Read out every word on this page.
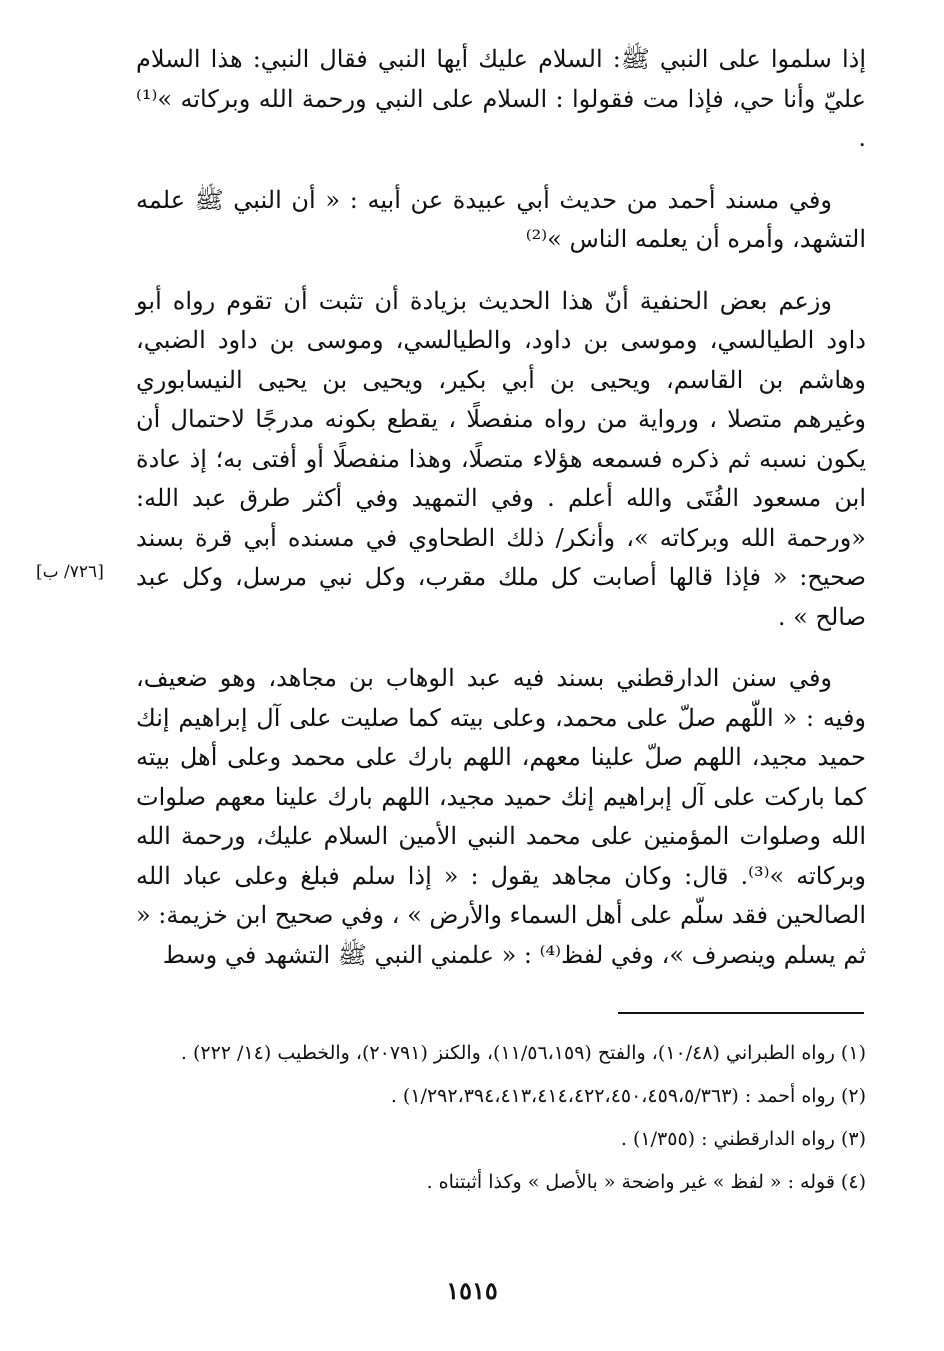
إذا سلموا على النبي ﷺ: السلام عليك أيها النبي فقال النبي: هذا السلام عليّ وأنا حي، فإذا مت فقولوا : السلام على النبي ورحمة الله وبركاته »⁽¹⁾ .

وفي مسند أحمد من حديث أبي عبيدة عن أبيه : « أن النبي ﷺ علمه التشهد، وأمره أن يعلمه الناس »⁽²⁾

وزعم بعض الحنفية أنّ هذا الحديث بزيادة أن تثبت أن تقوم رواه أبو داود الطيالسي، وموسى بن داود، والطيالسي، وموسى بن داود الضبي، وهاشم بن القاسم، ويحيى بن أبي بكير، ويحيى بن يحيى النيسابوري وغيرهم متصلا ، ورواية من رواه منفصلًا ، يقطع بكونه مدرجًا لاحتمال أن يكون نسبه ثم ذكره فسمعه هؤلاء متصلًا، وهذا منفصلًا أو أفتى به؛ إذ عادة ابن مسعود الفُتَى والله أعلم . وفي التمهيد وفي أكثر طرق عبد الله: «ورحمة الله وبركاته »، وأنكر/ ذلك الطحاوي في مسنده أبي قرة بسند صحيح: « فإذا قالها أصابت كل ملك مقرب، وكل نبي مرسل، وكل عبد صالح » .

وفي سنن الدارقطني بسند فيه عبد الوهاب بن مجاهد، وهو ضعيف، وفيه : « اللّهم صلّ على محمد، وعلى بيته كما صليت على آل إبراهيم إنك حميد مجيد، اللهم صلّ علينا معهم، اللهم بارك على محمد وعلى أهل بيته كما باركت على آل إبراهيم إنك حميد مجيد، اللهم بارك علينا معهم صلوات الله وصلوات المؤمنين على محمد النبي الأمين السلام عليك، ورحمة الله وبركاته »⁽³⁾. قال: وكان مجاهد يقول : « إذا سلم فبلغ وعلى عباد الله الصالحين فقد سلّم على أهل السماء والأرض » ، وفي صحيح ابن خزيمة: « ثم يسلم وينصرف »، وفي لفظ⁽⁴⁾ : « علمني النبي ﷺ التشهد في وسط

[٧٢٦/ ب]

(١) رواه الطبراني (١٠/٤٨)، والفتح (١١/٥٦،١٥٩)، والكنز (٢٠٧٩١)، والخطيب (١٤/ ٢٢٢) .

(٢) رواه أحمد : (١/٢٩٢،٣٩٤،٤١٣،٤١٤،٤٢٢،٤٥٠،٤٥٩،٥/٣٦٣) .

(٣) رواه الدارقطني : (١/٣٥٥) .

(٤) قوله : « لفظ » غير واضحة « بالأصل » وكذا أثبتناه .

١٥١٥
